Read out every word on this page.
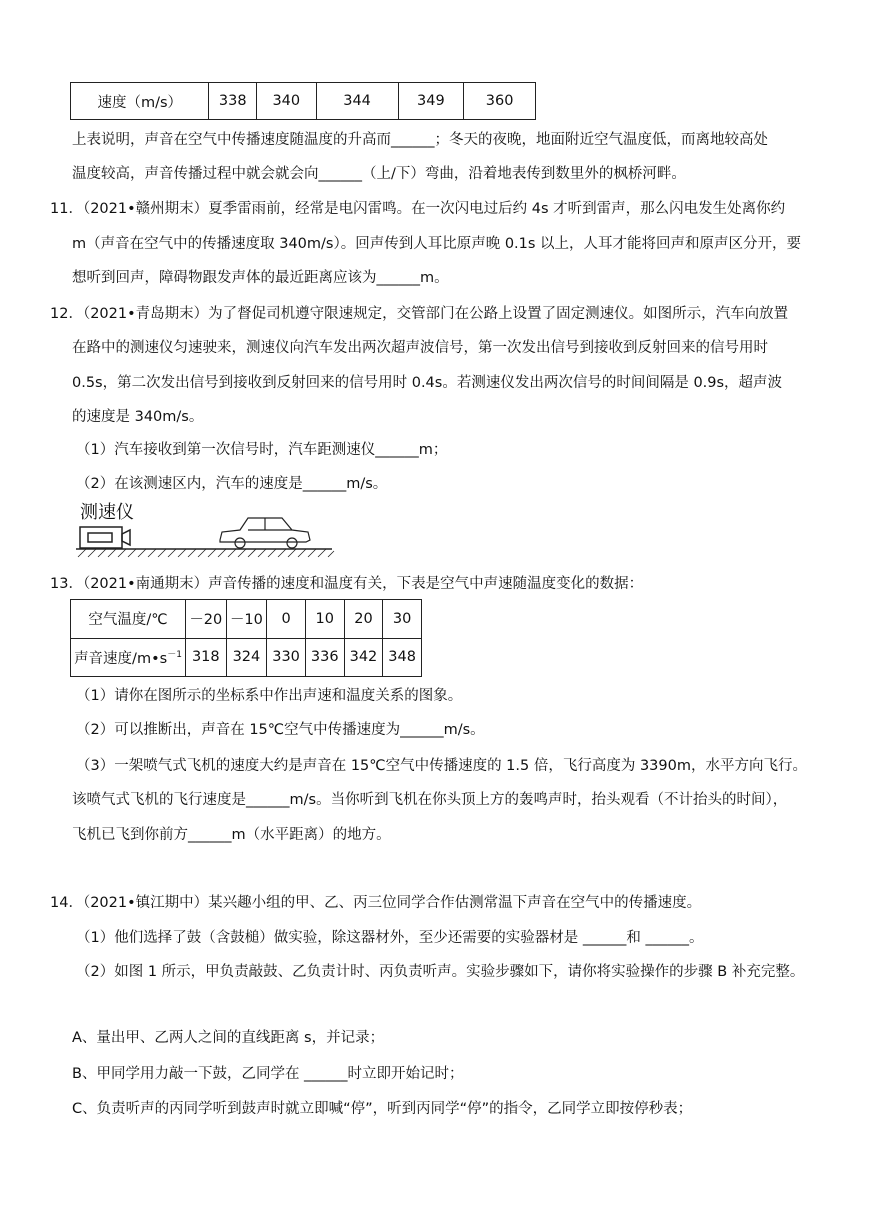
速度（m/s）	338	340	344	349	360
上表说明，声音在空气中传播速度随温度的升高而______；冬天的夜晚，地面附近空气温度低，而离地较高处
温度较高，声音传播过程中就会就会向______（上/下）弯曲，沿着地表传到数里外的枫桥河畔。
11．（2021•赣州期末）夏季雷雨前，经常是电闪雷鸣。在一次闪电过后约 4s 才听到雷声，那么闪电发生处离你约
m（声音在空气中的传播速度取 340m/s）。回声传到人耳比原声晚 0.1s 以上，人耳才能将回声和原声区分开，要
想听到回声，障碍物跟发声体的最近距离应该为______m。
12．（2021•青岛期末）为了督促司机遵守限速规定，交管部门在公路上设置了固定测速仪。如图所示，汽车向放置
在路中的测速仪匀速驶来，测速仪向汽车发出两次超声波信号，第一次发出信号到接收到反射回来的信号用时
0.5s，第二次发出信号到接收到反射回来的信号用时 0.4s。若测速仪发出两次信号的时间间隔是 0.9s，超声波
的速度是 340m/s。
（1）汽车接收到第一次信号时，汽车距测速仪______m；
（2）在该测速区内，汽车的速度是______m/s。
测速仪
13．（2021•南通期末）声音传播的速度和温度有关，下表是空气中声速随温度变化的数据：
空气温度/℃	－20	－10	0	10	20	30
声音速度$/m•s^{-1}$	318	324	330	336	342	348
（1）请你在图所示的坐标系中作出声速和温度关系的图象。
（2）可以推断出，声音在 15℃空气中传播速度为______m/s。
（3）一架喷气式飞机的速度大约是声音在 15℃空气中传播速度的 1.5 倍，飞行高度为 3390m，水平方向飞行。
该喷气式飞机的飞行速度是______m/s。当你听到飞机在你头顶上方的轰鸣声时，抬头观看（不计抬头的时间），
飞机已飞到你前方______m（水平距离）的地方。
14．（2021•镇江期中）某兴趣小组的甲、乙、丙三位同学合作估测常温下声音在空气中的传播速度。
（1）他们选择了鼓（含鼓槌）做实验，除这器材外，至少还需要的实验器材是 ______和 ______。
（2）如图 1 所示，甲负责敲鼓、乙负责计时、丙负责听声。实验步骤如下，请你将实验操作的步骤 B 补充完整。
A、量出甲、乙两人之间的直线距离 s，并记录；
B、甲同学用力敲一下鼓，乙同学在 ______时立即开始记时；
C、负责听声的丙同学听到鼓声时就立即喊“停”，听到丙同学“停”的指令，乙同学立即按停秒表；
